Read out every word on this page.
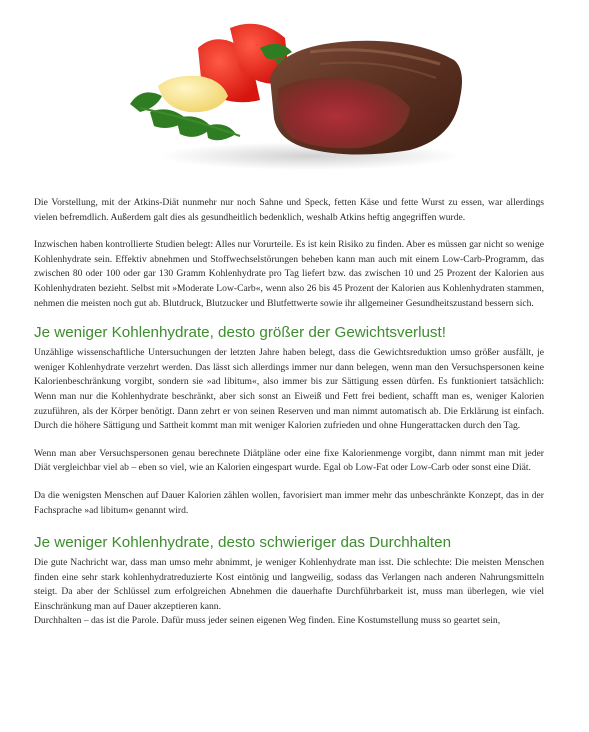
Die Vorstellung, mit der Atkins-Diät nunmehr nur noch Sahne und Speck, fetten Käse und fette Wurst zu essen, war allerdings vielen befremdlich. Außerdem galt dies als gesundheitlich bedenklich, weshalb Atkins heftig angegriffen wurde.

Inzwischen haben kontrollierte Studien belegt: Alles nur Vorurteile. Es ist kein Risiko zu finden. Aber es müssen gar nicht so wenige Kohlenhydrate sein. Effektiv abnehmen und Stoffwechselstörungen beheben kann man auch mit einem Low-Carb-Programm, das zwischen 80 oder 100 oder gar 130 Gramm Kohlenhydrate pro Tag liefert bzw. das zwischen 10 und 25 Prozent der Kalorien aus Kohlenhydraten bezieht. Selbst mit »Moderate Low-Carb«, wenn also 26 bis 45 Prozent der Kalorien aus Kohlenhydraten stammen, nehmen die meisten noch gut ab. Blutdruck, Blutzucker und Blutfettwerte sowie ihr allgemeiner Gesundheitszustand bessern sich.

Je weniger Kohlenhydrate, desto größer der Gewichtsverlust!

Unzählige wissenschaftliche Untersuchungen der letzten Jahre haben belegt, dass die Gewichtsreduktion umso größer ausfällt, je weniger Kohlenhydrate verzehrt werden. Das lässt sich allerdings immer nur dann belegen, wenn man den Versuchspersonen keine Kalorienbeschränkung vorgibt, sondern sie »ad libitum«, also immer bis zur Sättigung essen dürfen. Es funktioniert tatsächlich: Wenn man nur die Kohlenhydrate beschränkt, aber sich sonst an Eiweiß und Fett frei bedient, schafft man es, weniger Kalorien zuzuführen, als der Körper benötigt. Dann zehrt er von seinen Reserven und man nimmt automatisch ab. Die Erklärung ist einfach. Durch die höhere Sättigung und Sattheit kommt man mit weniger Kalorien zufrieden und ohne Hungerattacken durch den Tag.

Wenn man aber Versuchspersonen genau berechnete Diätpläne oder eine fixe Kalorienmenge vorgibt, dann nimmt man mit jeder Diät vergleichbar viel ab – eben so viel, wie an Kalorien eingespart wurde. Egal ob Low-Fat oder Low-Carb oder sonst eine Diät.

Da die wenigsten Menschen auf Dauer Kalorien zählen wollen, favorisiert man immer mehr das unbeschränkte Konzept, das in der Fachsprache »ad libitum« genannt wird.

Je weniger Kohlenhydrate, desto schwieriger das Durchhalten

Die gute Nachricht war, dass man umso mehr abnimmt, je weniger Kohlenhydrate man isst. Die schlechte: Die meisten Menschen finden eine sehr stark kohlenhydratreduzierte Kost eintönig und langweilig, sodass das Verlangen nach anderen Nahrungsmitteln steigt. Da aber der Schlüssel zum erfolgreichen Abnehmen die dauerhafte Durchführbarkeit ist, muss man überlegen, wie viel Einschränkung man auf Dauer akzeptieren kann.

Durchhalten – das ist die Parole. Dafür muss jeder seinen eigenen Weg finden. Eine Kostumstellung muss so geartet sein,
